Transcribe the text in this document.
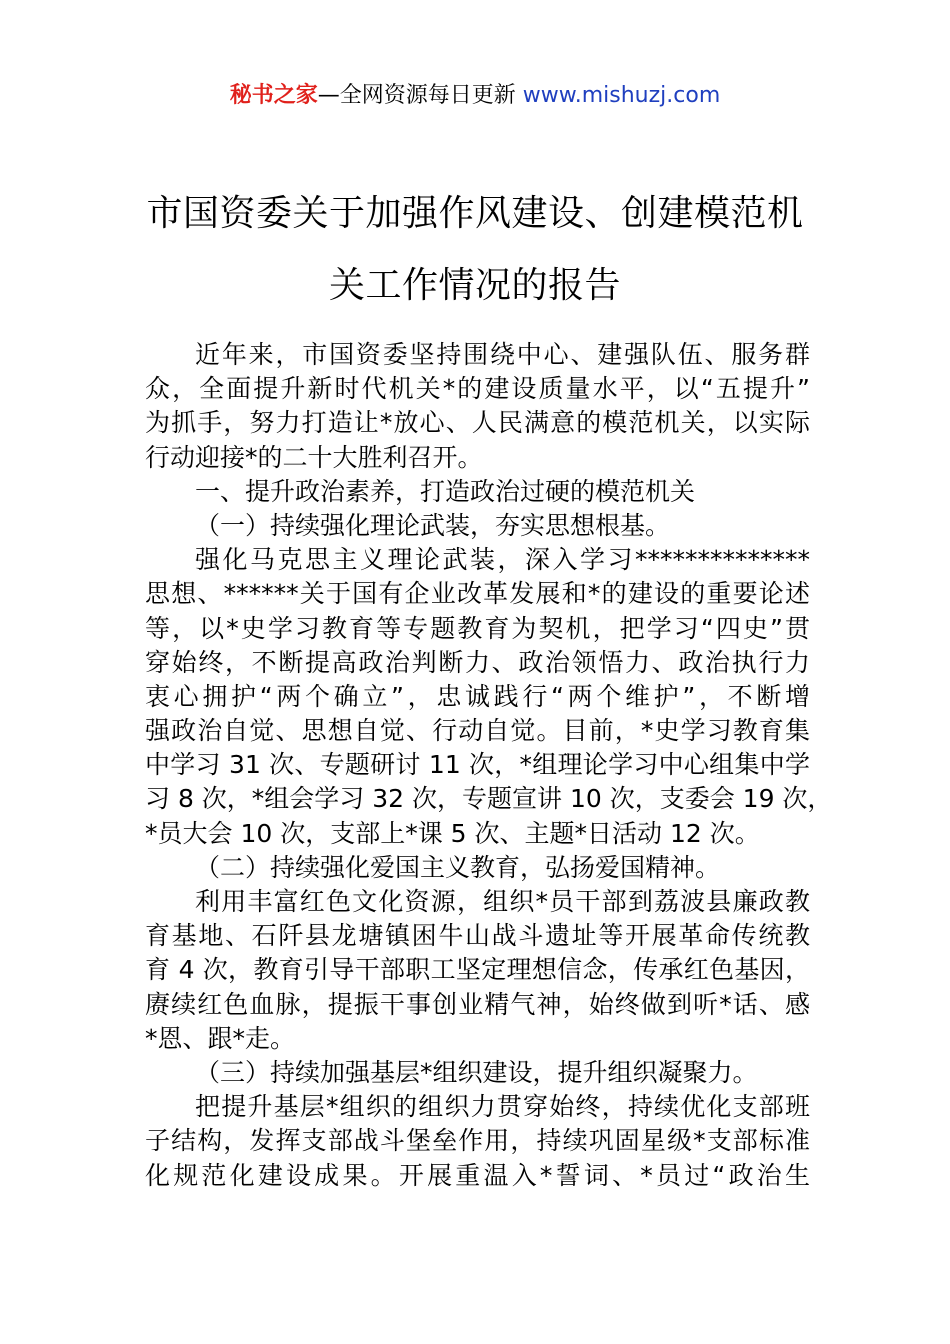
秘书之家—全网资源每日更新 www.mishuzj.com
市国资委关于加强作风建设、创建模范机
关工作情况的报告
近年来，市国资委坚持围绕中心、建强队伍、服务群
众，全面提升新时代机关*的建设质量水平，以“五提升”
为抓手，努力打造让*放心、人民满意的模范机关，以实际
行动迎接*的二十大胜利召开。
一、提升政治素养，打造政治过硬的模范机关
（一）持续强化理论武装，夯实思想根基。
强化马克思主义理论武装，深入学习**************
思想、******关于国有企业改革发展和*的建设的重要论述
等，以*史学习教育等专题教育为契机，把学习“四史”贯
穿始终，不断提高政治判断力、政治领悟力、政治执行力
衷心拥护“两个确立”，忠诚践行“两个维护”，不断增
强政治自觉、思想自觉、行动自觉。目前，*史学习教育集
中学习 31 次、专题研讨 11 次，*组理论学习中心组集中学
习 8 次，*组会学习 32 次，专题宣讲 10 次，支委会 19 次，
*员大会 10 次，支部上*课 5 次、主题*日活动 12 次。
（二）持续强化爱国主义教育，弘扬爱国精神。
利用丰富红色文化资源，组织*员干部到荔波县廉政教
育基地、石阡县龙塘镇困牛山战斗遗址等开展革命传统教
育 4 次，教育引导干部职工坚定理想信念，传承红色基因，
赓续红色血脉，提振干事创业精气神，始终做到听*话、感
*恩、跟*走。
（三）持续加强基层*组织建设，提升组织凝聚力。
把提升基层*组织的组织力贯穿始终，持续优化支部班
子结构，发挥支部战斗堡垒作用，持续巩固星级*支部标准
化规范化建设成果。开展重温入*誓词、*员过“政治生
